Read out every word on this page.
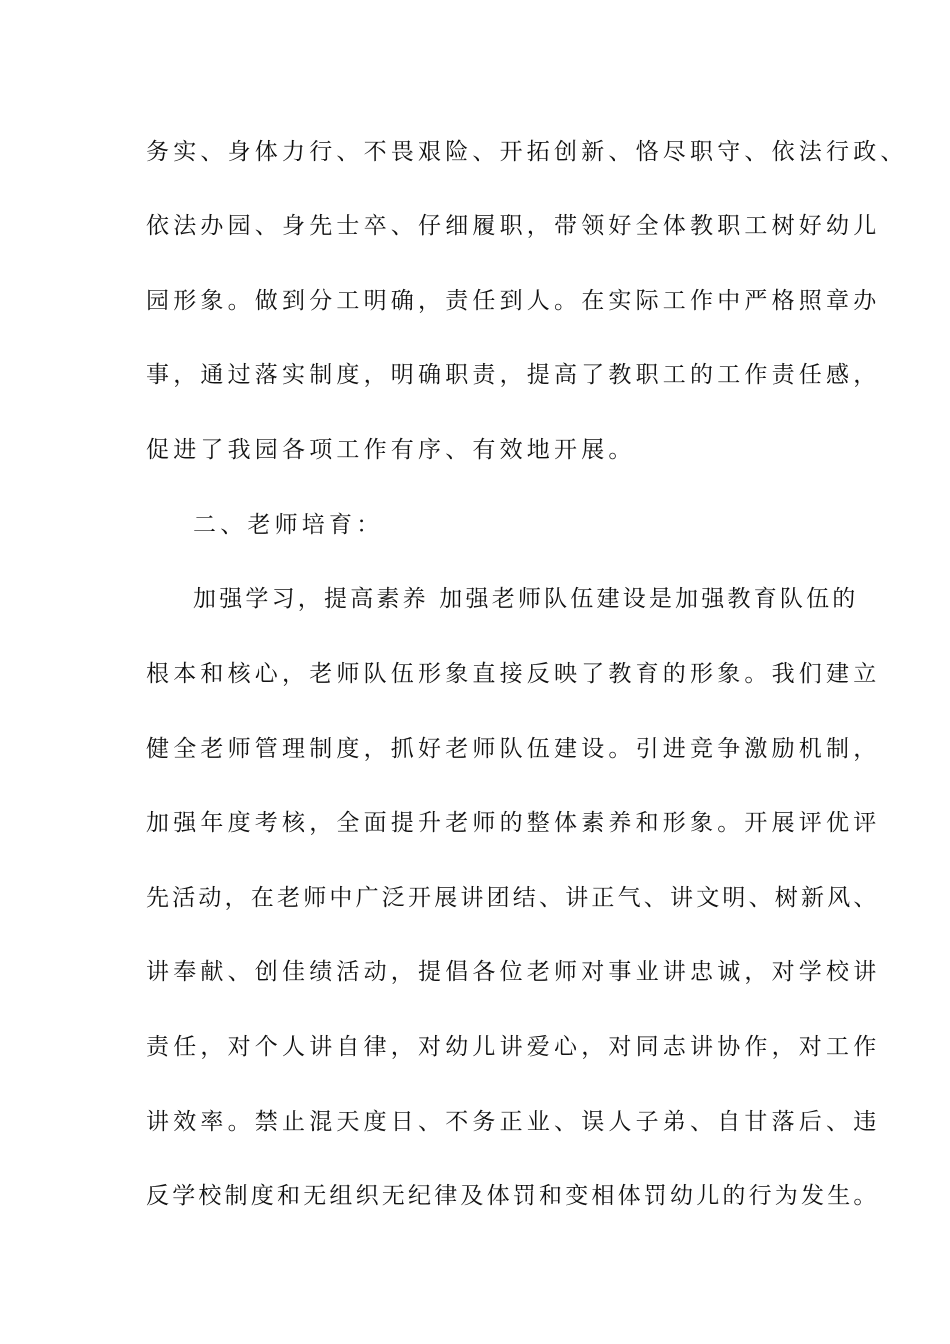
务实、身体力行、不畏艰险、开拓创新、恪尽职守、依法行政、
依法办园、身先士卒、仔细履职，带领好全体教职工树好幼儿
园形象。做到分工明确，责任到人。在实际工作中严格照章办
事，通过落实制度，明确职责，提高了教职工的工作责任感，
促进了我园各项工作有序、有效地开展。
二、老师培育：
加强学习，提高素养 加强老师队伍建设是加强教育队伍的
根本和核心，老师队伍形象直接反映了教育的形象。我们建立
健全老师管理制度，抓好老师队伍建设。引进竞争激励机制，
加强年度考核，全面提升老师的整体素养和形象。开展评优评
先活动，在老师中广泛开展讲团结、讲正气、讲文明、树新风、
讲奉献、创佳绩活动，提倡各位老师对事业讲忠诚，对学校讲
责任，对个人讲自律，对幼儿讲爱心，对同志讲协作，对工作
讲效率。禁止混天度日、不务正业、误人子弟、自甘落后、违
反学校制度和无组织无纪律及体罚和变相体罚幼儿的行为发生。
